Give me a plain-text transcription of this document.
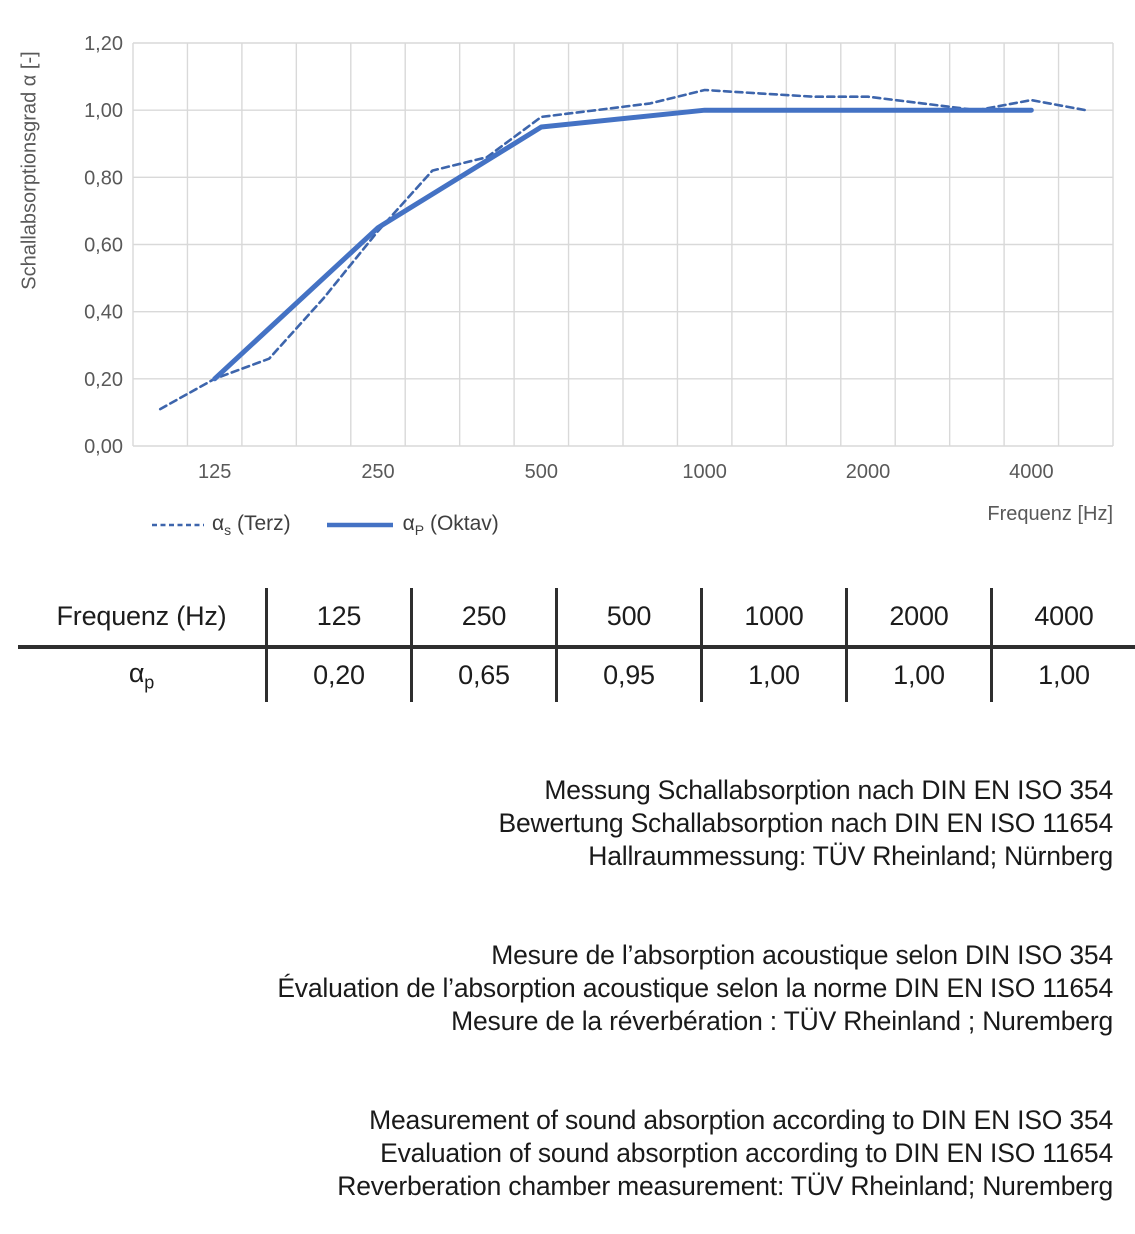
0,00
0,20
0,40
0,60
0,80
1,00
1,20
125	250	500	1000	2000	4000
Schallabsorptionsgrad α [-]
Frequenz [Hz]
$\alpha_s$ (Terz)	$\alpha_P$ (Oktav)
Frequenz (Hz)	125	250	500	1000	2000	4000
$\alpha_p$	0,20	0,65	0,95	1,00	1,00	1,00
Messung Schallabsorption nach DIN EN ISO 354
Bewertung Schallabsorption nach DIN EN ISO 11654
Hallraummessung: TÜV Rheinland; Nürnberg
Mesure de l’absorption acoustique selon DIN ISO 354
Évaluation de l’absorption acoustique selon la norme DIN EN ISO 11654
Mesure de la réverbération : TÜV Rheinland ; Nuremberg
Measurement of sound absorption according to DIN EN ISO 354
Evaluation of sound absorption according to DIN EN ISO 11654
Reverberation chamber measurement: TÜV Rheinland; Nuremberg
